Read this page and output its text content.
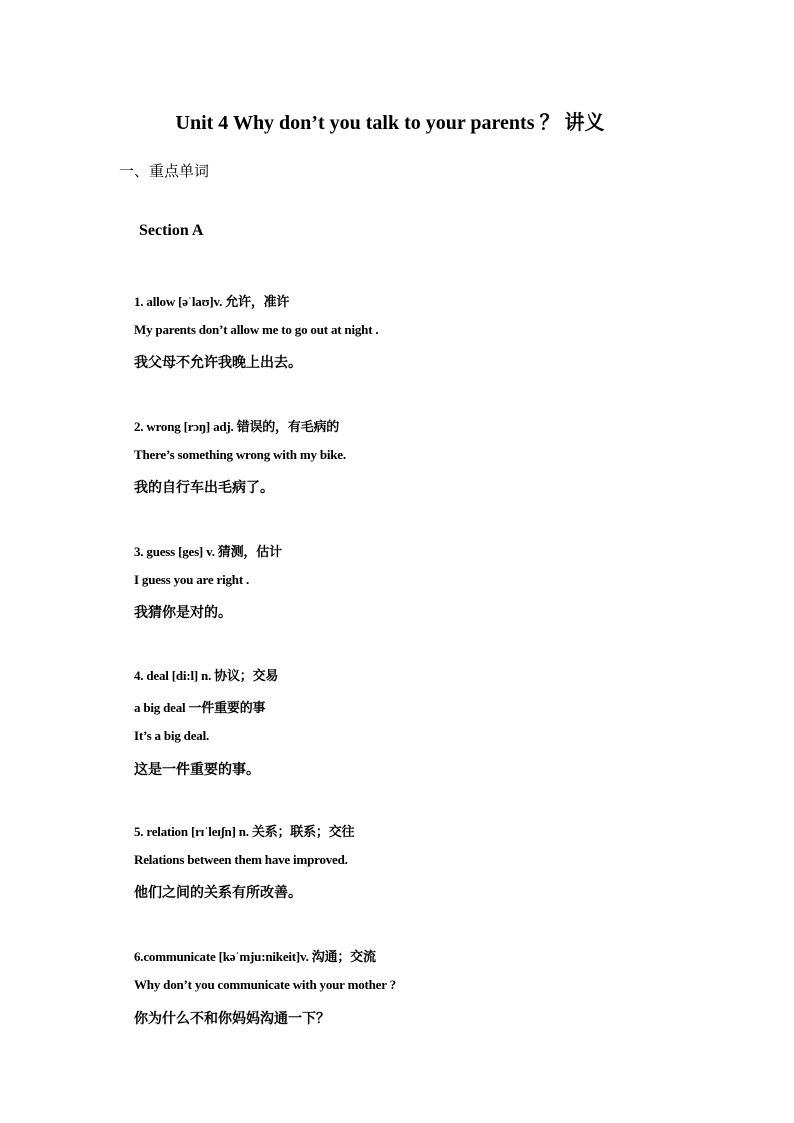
Unit 4 Why don’t you talk to your parents ？ 讲义
一、重点单词
Section A
1. allow [əˈlaʊ]v. 允许，准许
My parents don’t allow me to go out at night .
我父母不允许我晚上出去。
2. wrong [rɔŋ] adj. 错误的，有毛病的
There’s something wrong with my bike.
我的自行车出毛病了。
3. guess [ges] v. 猜测，估计
I guess you are right .
我猜你是对的。
4. deal [di:l] n. 协议；交易
a big deal 一件重要的事
It’s a big deal.
这是一件重要的事。
5. relation [rɪˈleɪʃn] n. 关系；联系；交往
Relations between them have improved.
他们之间的关系有所改善。
6.communicate [kəˈmju:nikeit]v. 沟通；交流
Why don’t you communicate with your mother ?
你为什么不和你妈妈沟通一下？
